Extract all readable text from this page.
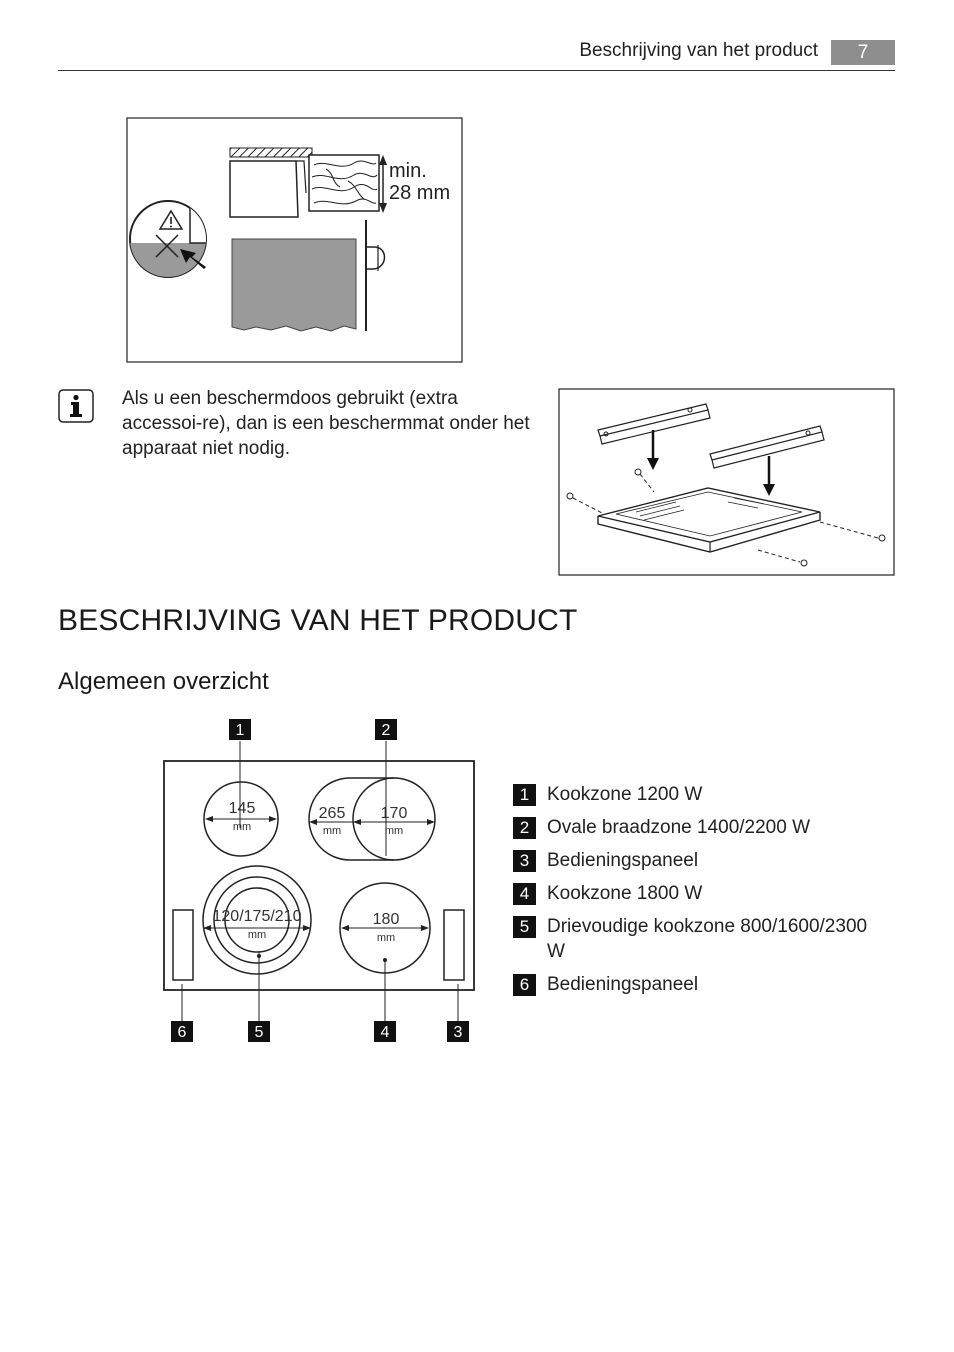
Beschrijving van het product	7
min.
28 mm
Als u een beschermdoos gebruikt (extra accessoi-re), dan is een beschermmat onder het apparaat niet nodig.
BESCHRIJVING VAN HET PRODUCT
Algemeen overzicht
145
mm
265 170
mm	mm
120/175/210
mm
180
mm
1	2
6	5	4	3
1 Kookzone 1200 W
2 Ovale braadzone 1400/2200 W
3 Bedieningspaneel
4 Kookzone 1800 W
5 Drievoudige kookzone 800/1600/2300 W
6 Bedieningspaneel
